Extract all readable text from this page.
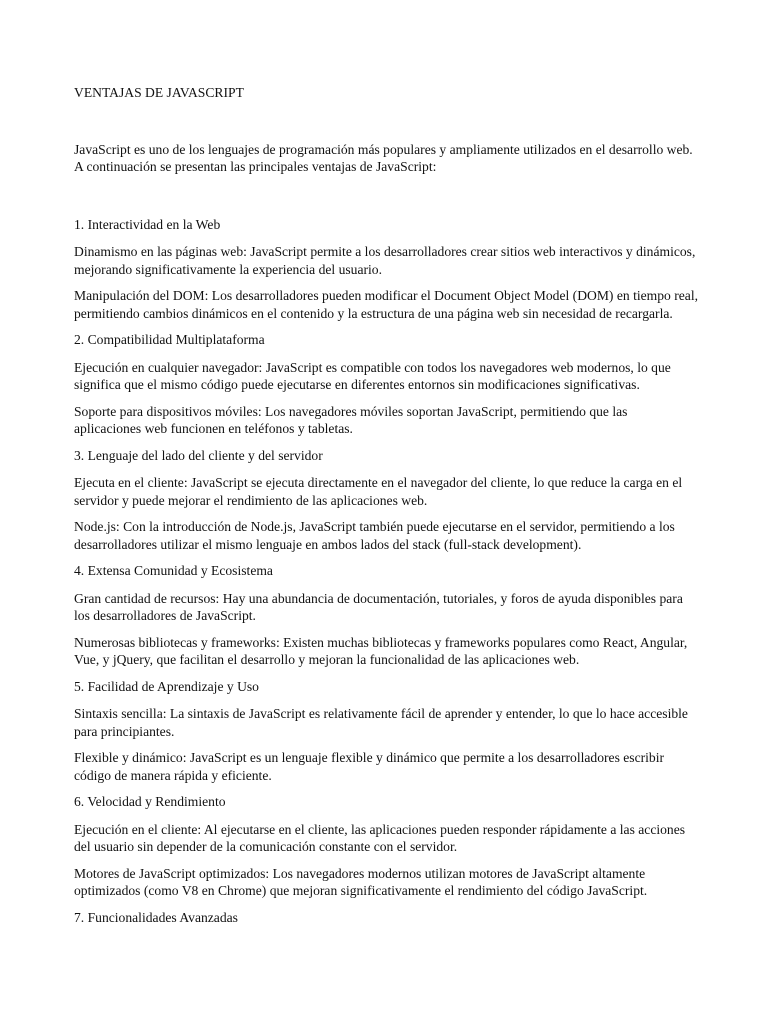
VENTAJAS DE JAVASCRIPT

JavaScript es uno de los lenguajes de programación más populares y ampliamente utilizados en el desarrollo web. A continuación se presentan las principales ventajas de JavaScript:

1. Interactividad en la Web

Dinamismo en las páginas web: JavaScript permite a los desarrolladores crear sitios web interactivos y dinámicos, mejorando significativamente la experiencia del usuario.

Manipulación del DOM: Los desarrolladores pueden modificar el Document Object Model (DOM) en tiempo real, permitiendo cambios dinámicos en el contenido y la estructura de una página web sin necesidad de recargarla.

2. Compatibilidad Multiplataforma

Ejecución en cualquier navegador: JavaScript es compatible con todos los navegadores web modernos, lo que significa que el mismo código puede ejecutarse en diferentes entornos sin modificaciones significativas.

Soporte para dispositivos móviles: Los navegadores móviles soportan JavaScript, permitiendo que las aplicaciones web funcionen en teléfonos y tabletas.

3. Lenguaje del lado del cliente y del servidor

Ejecuta en el cliente: JavaScript se ejecuta directamente en el navegador del cliente, lo que reduce la carga en el servidor y puede mejorar el rendimiento de las aplicaciones web.

Node.js: Con la introducción de Node.js, JavaScript también puede ejecutarse en el servidor, permitiendo a los desarrolladores utilizar el mismo lenguaje en ambos lados del stack (full-stack development).

4. Extensa Comunidad y Ecosistema

Gran cantidad de recursos: Hay una abundancia de documentación, tutoriales, y foros de ayuda disponibles para los desarrolladores de JavaScript.

Numerosas bibliotecas y frameworks: Existen muchas bibliotecas y frameworks populares como React, Angular, Vue, y jQuery, que facilitan el desarrollo y mejoran la funcionalidad de las aplicaciones web.

5. Facilidad de Aprendizaje y Uso

Sintaxis sencilla: La sintaxis de JavaScript es relativamente fácil de aprender y entender, lo que lo hace accesible para principiantes.

Flexible y dinámico: JavaScript es un lenguaje flexible y dinámico que permite a los desarrolladores escribir código de manera rápida y eficiente.

6. Velocidad y Rendimiento

Ejecución en el cliente: Al ejecutarse en el cliente, las aplicaciones pueden responder rápidamente a las acciones del usuario sin depender de la comunicación constante con el servidor.

Motores de JavaScript optimizados: Los navegadores modernos utilizan motores de JavaScript altamente optimizados (como V8 en Chrome) que mejoran significativamente el rendimiento del código JavaScript.

7. Funcionalidades Avanzadas
